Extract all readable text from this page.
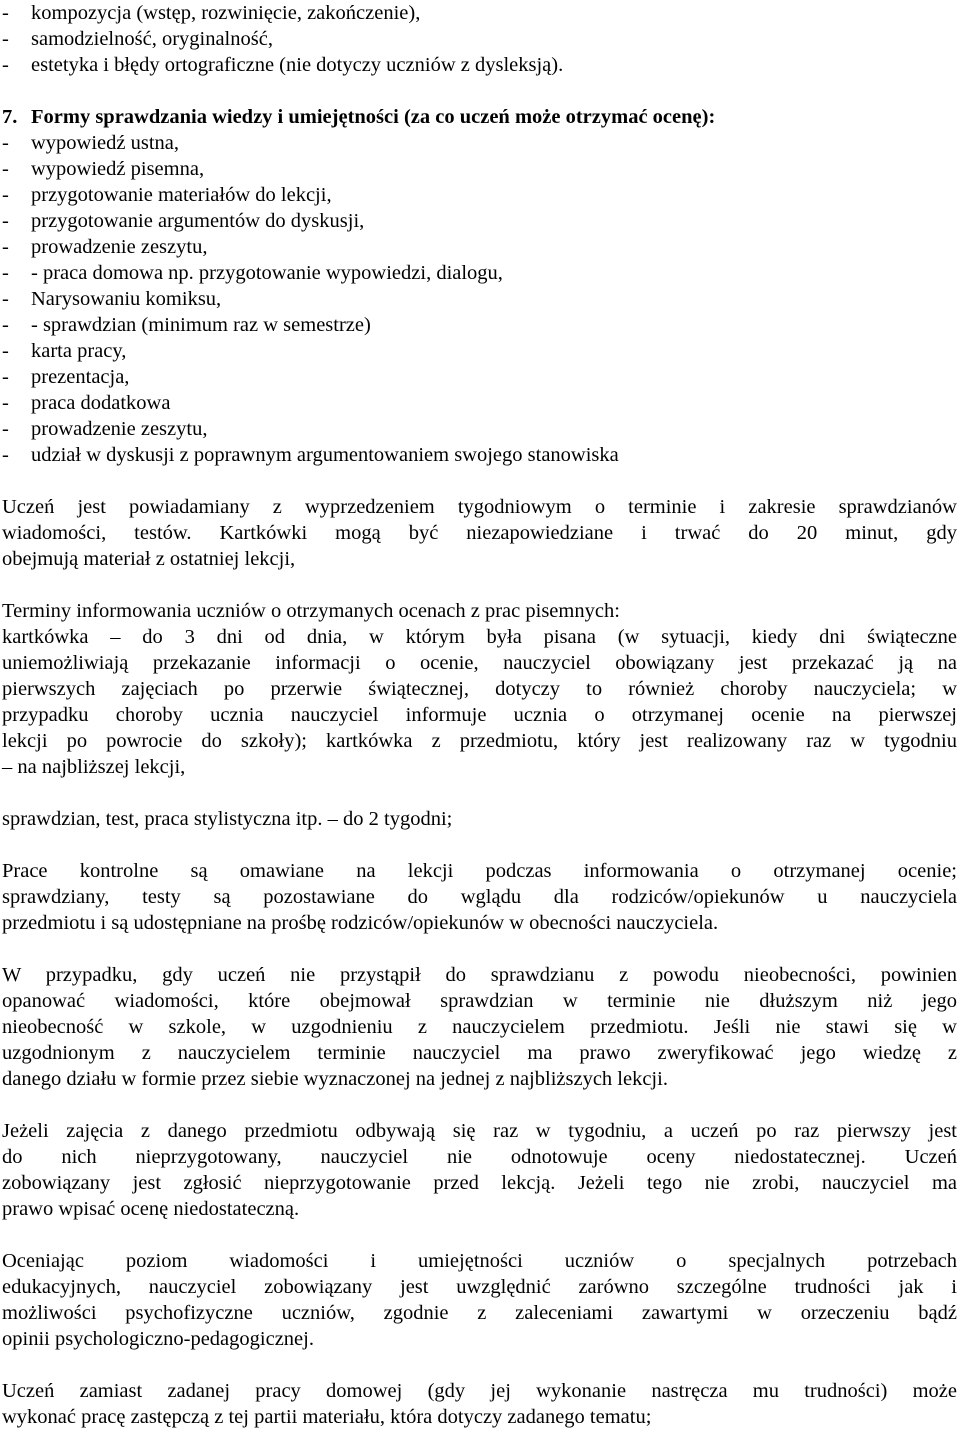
- kompozycja (wstęp, rozwinięcie, zakończenie),
- samodzielność, oryginalność,
- estetyka i błędy ortograficzne (nie dotyczy uczniów z dysleksją).
7. Formy sprawdzania wiedzy i umiejętności (za co uczeń może otrzymać ocenę):
- wypowiedź ustna,
- wypowiedź pisemna,
- przygotowanie materiałów do lekcji,
- przygotowanie argumentów do dyskusji,
- prowadzenie zeszytu,
- - praca domowa np. przygotowanie wypowiedzi, dialogu,
- Narysowaniu komiksu,
- - sprawdzian (minimum raz w semestrze)
- karta pracy,
- prezentacja,
- praca dodatkowa
- prowadzenie zeszytu,
- udział w dyskusji z poprawnym argumentowaniem swojego stanowiska
Uczeń jest powiadamiany z wyprzedzeniem tygodniowym o terminie i zakresie sprawdzianów
wiadomości, testów. Kartkówki mogą być niezapowiedziane i trwać do 20 minut, gdy
obejmują materiał z ostatniej lekcji,
Terminy informowania uczniów o otrzymanych ocenach z prac pisemnych:
kartkówka – do 3 dni od dnia, w którym była pisana (w sytuacji, kiedy dni świąteczne
uniemożliwiają przekazanie informacji o ocenie, nauczyciel obowiązany jest przekazać ją na
pierwszych zajęciach po przerwie świątecznej, dotyczy to również choroby nauczyciela; w
przypadku choroby ucznia nauczyciel informuje ucznia o otrzymanej ocenie na pierwszej
lekcji po powrocie do szkoły); kartkówka z przedmiotu, który jest realizowany raz w tygodniu
– na najbliższej lekcji,
sprawdzian, test, praca stylistyczna itp. – do 2 tygodni;
Prace kontrolne są omawiane na lekcji podczas informowania o otrzymanej ocenie;
sprawdziany, testy są pozostawiane do wglądu dla rodziców/opiekunów u nauczyciela
przedmiotu i są udostępniane na prośbę rodziców/opiekunów w obecności nauczyciela.
W przypadku, gdy uczeń nie przystąpił do sprawdzianu z powodu nieobecności, powinien
opanować wiadomości, które obejmował sprawdzian w terminie nie dłuższym niż jego
nieobecność w szkole, w uzgodnieniu z nauczycielem przedmiotu. Jeśli nie stawi się w
uzgodnionym z nauczycielem terminie nauczyciel ma prawo zweryfikować jego wiedzę z
danego działu w formie przez siebie wyznaczonej na jednej z najbliższych lekcji.
Jeżeli zajęcia z danego przedmiotu odbywają się raz w tygodniu, a uczeń po raz pierwszy jest
do nich nieprzygotowany, nauczyciel nie odnotowuje oceny niedostatecznej. Uczeń
zobowiązany jest zgłosić nieprzygotowanie przed lekcją. Jeżeli tego nie zrobi, nauczyciel ma
prawo wpisać ocenę niedostateczną.
Oceniając poziom wiadomości i umiejętności uczniów o specjalnych potrzebach
edukacyjnych, nauczyciel zobowiązany jest uwzględnić zarówno szczególne trudności jak i
możliwości psychofizyczne uczniów, zgodnie z zaleceniami zawartymi w orzeczeniu bądź
opinii psychologiczno-pedagogicznej.
Uczeń zamiast zadanej pracy domowej (gdy jej wykonanie nastręcza mu trudności) może
wykonać pracę zastępczą z tej partii materiału, która dotyczy zadanego tematu;
